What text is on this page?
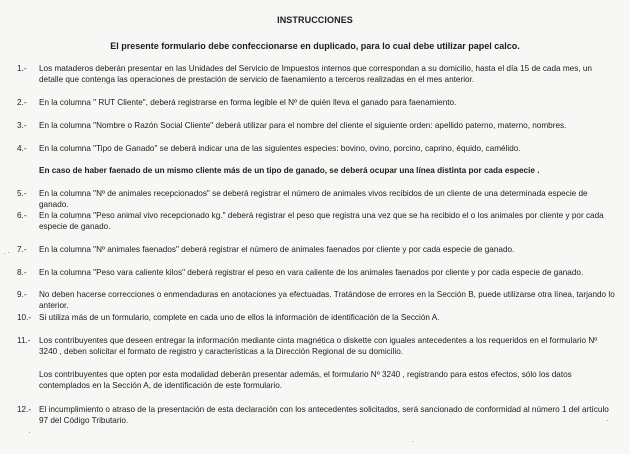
INSTRUCCIONES
El presente formulario debe confeccionarse en duplicado, para lo cual debe utilizar papel calco.
1.-	Los mataderos deberán presentar en las Unidades del Servicio de Impuestos internos que correspondan a su domicilio, hasta el día 15 de cada mes, un detalle que contenga las operaciones de prestación de servicio de faenamiento a terceros realizadas en el mes anterior.
2.-	En la columna " RUT Cliente", deberá registrarse en forma legible el Nº de quién lleva el ganado para faenamiento.
3.-	En la columna "Nombre o Razón Social Cliente" deberá utilizar para el nombre del cliente el siguiente orden: apellido paterno, materno, nombres.
4.-	En la columna "Tipo de Ganado" se deberá indicar una de las siguientes especies: bovino, ovino, porcino, caprino, équido, camélido.
En caso de haber faenado de un mismo cliente más de un tipo de ganado, se deberá ocupar una línea distinta por cada especie .
5.-	En la columna "Nº de animales recepcionados" se deberá registrar el número de animales vivos recibidos de un cliente de una determinada especie de ganado.
6.-	En la columna "Peso animal vivo recepcionado kg." deberá registrar el peso que registra una vez que se ha recibido el o los animales por cliente y por cada especie de ganado.
7.-	En la columna "Nº animales faenados" deberá registrar el número de animales faenados por cliente y por cada especie de ganado.
8.-	En la columna "Peso vara caliente kilos" deberá registrar el peso en vara caliente de los animales faenados por cliente y por cada especie de ganado.
9.-	No deben hacerse correcciones o enmendaduras en anotaciones ya efectuadas. Tratándose de errores en la Sección B, puede utilizarse otra línea, tarjando lo anterior.
10.- Si utiliza más de un formulario, complete en cada uno de ellos la información de identificación de la Sección A.
11.-	Los contribuyentes que deseen entregar la información mediante cinta magnética o diskette con iguales antecedentes a los requeridos en el formulario Nº 3240 , deben solicitar el formato de registro y características a la Dirección Regional de su domicilio.
Los contribuyentes que opten por esta modalidad deberán presentar además, el formulario Nº 3240 , registrando para estos efectos, sólo los datos contemplados en la Sección A, de identificación de este formulario.
12.- El incumplimiento o atraso de la presentación de esta declaración con los antecedentes solicitados, será sancionado de conformidad al número 1 del artículo 97 del Código Tributario.
